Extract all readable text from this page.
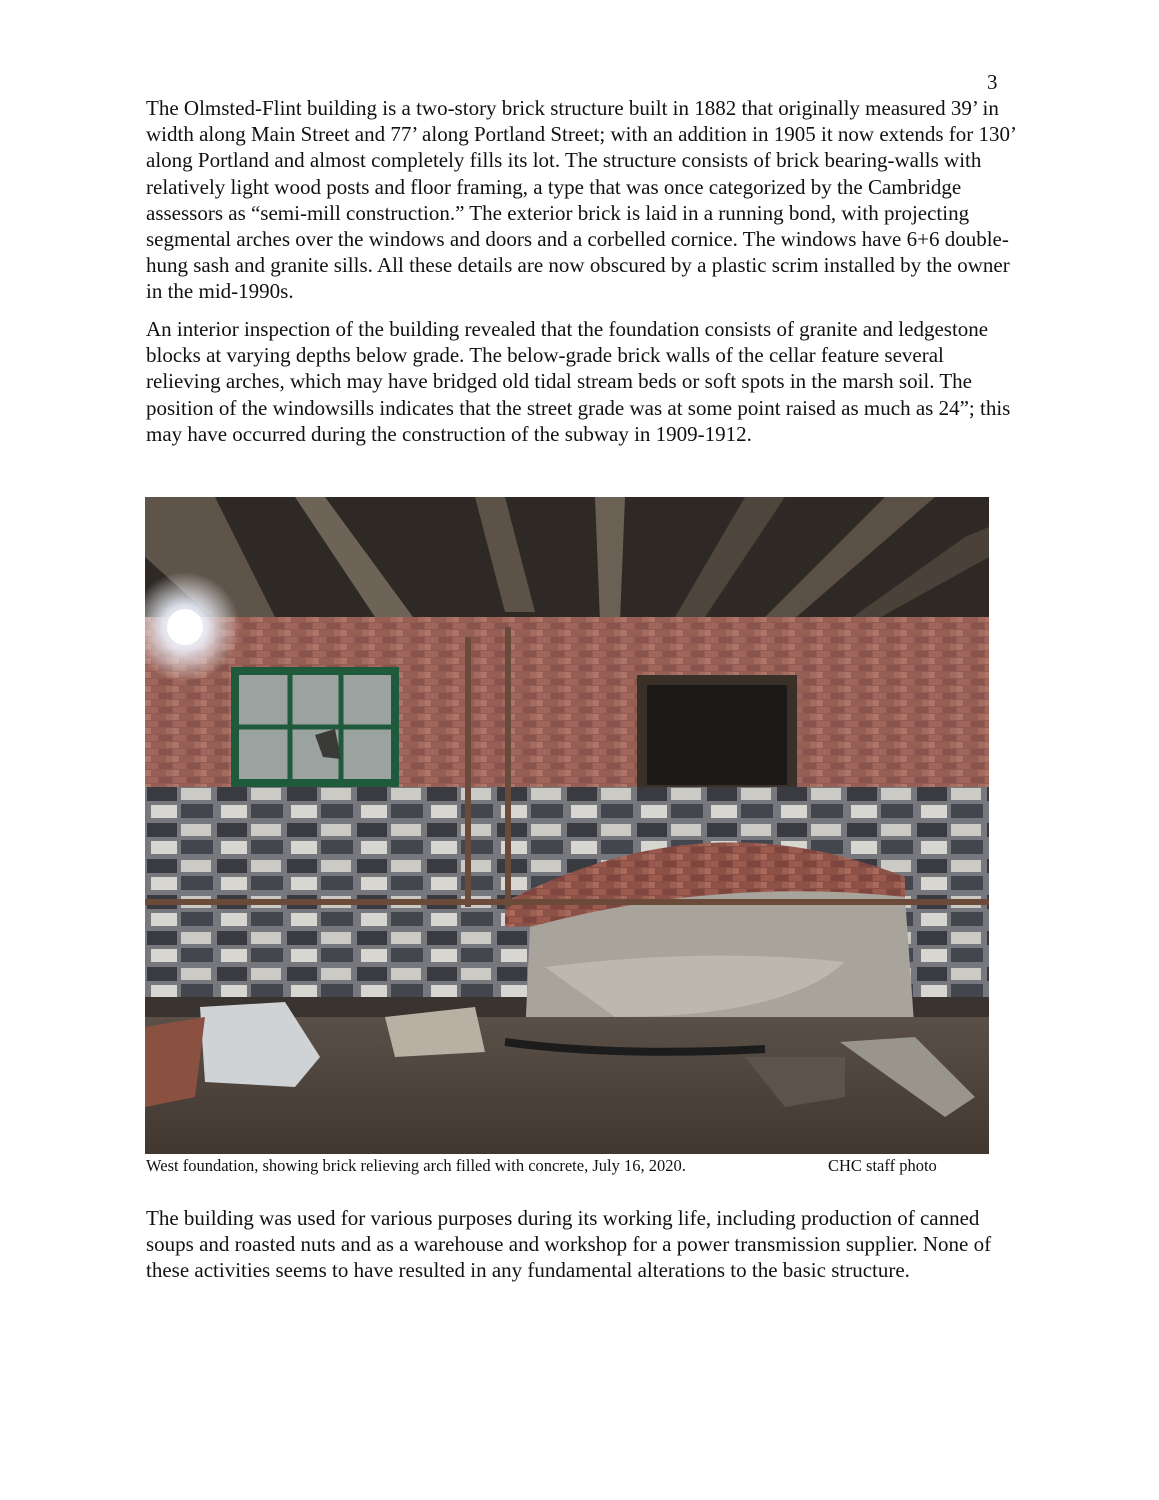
3

The Olmsted-Flint building is a two-story brick structure built in 1882 that originally measured 39’ in width along Main Street and 77’ along Portland Street; with an addition in 1905 it now extends for 130’ along Portland and almost completely fills its lot. The structure consists of brick bearing-walls with relatively light wood posts and floor framing, a type that was once categorized by the Cambridge assessors as “semi-mill construction.” The exterior brick is laid in a running bond, with projecting segmental arches over the windows and doors and a corbelled cornice. The windows have 6+6 double-hung sash and granite sills. All these details are now obscured by a plastic scrim installed by the owner in the mid-1990s.

An interior inspection of the building revealed that the foundation consists of granite and ledgestone blocks at varying depths below grade. The below-grade brick walls of the cellar feature several relieving arches, which may have bridged old tidal stream beds or soft spots in the marsh soil. The position of the windowsills indicates that the street grade was at some point raised as much as 24”; this may have occurred during the construction of the subway in 1909-1912.

West foundation, showing brick relieving arch filled with concrete, July 16, 2020.	CHC staff photo

The building was used for various purposes during its working life, including production of canned soups and roasted nuts and as a warehouse and workshop for a power transmission supplier. None of these activities seems to have resulted in any fundamental alterations to the basic structure.
